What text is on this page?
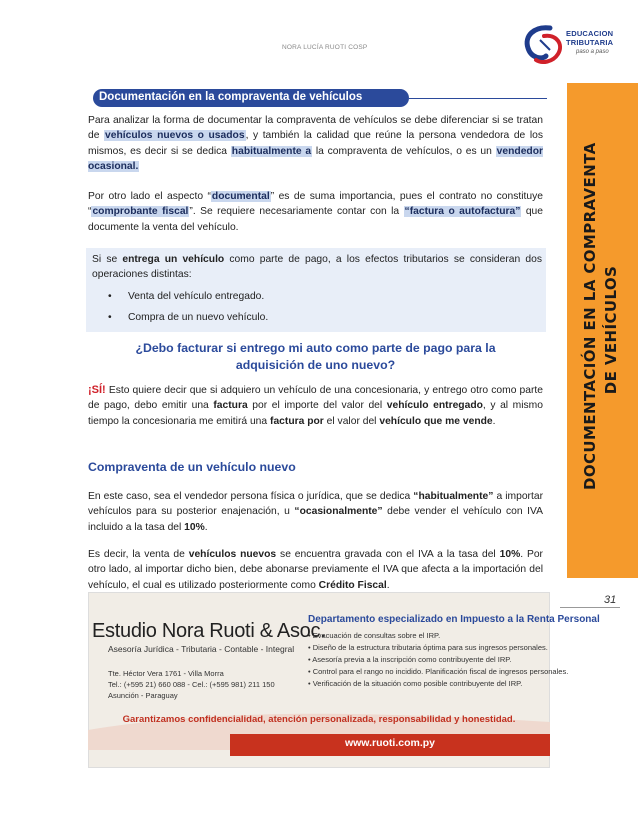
NORA LUCÍA RUOTI COSP
EDUCACION
TRIBUTARIA
paso a paso
Documentación en la compraventa de vehículos
DOCUMENTACIÓN EN LA COMPRAVENTA DE VEHÍCULOS
31
Para analizar la forma de documentar la compraventa de vehículos se debe diferenciar si se tratan de vehículos nuevos o usados, y también la calidad que reúne la persona vendedora de los mismos, es decir si se dedica habitualmente a la compraventa de vehículos, o es un vendedor ocasional.
Por otro lado el aspecto “documental” es de suma importancia, pues el contrato no constituye “comprobante fiscal”. Se requiere necesariamente contar con la “factura o autofactura” que documente la venta del vehículo.
Si se entrega un vehículo como parte de pago, a los efectos tributarios se consideran dos operaciones distintas:
• Venta del vehículo entregado.
• Compra de un nuevo vehículo.
¿Debo facturar si entrego mi auto como parte de pago para la
adquisición de uno nuevo?
¡SÍ! Esto quiere decir que si adquiero un vehículo de una concesionaria, y entrego otro como parte de pago, debo emitir una factura por el importe del valor del vehículo entregado, y al mismo tiempo la concesionaria me emitirá una factura por el valor del vehículo que me vende.
Compraventa de un vehículo nuevo
En este caso, sea el vendedor persona física o jurídica, que se dedica “habitualmente” a importar vehículos para su posterior enajenación, u “ocasionalmente” debe vender el vehículo con IVA incluido a la tasa del 10%.
Es decir, la venta de vehículos nuevos se encuentra gravada con el IVA a la tasa del 10%. Por otro lado, al importar dicho bien, debe abonarse previamente el IVA que afecta a la importación del vehículo, el cual es utilizado posteriormente como Crédito Fiscal.
Estudio Nora Ruoti & Asoc.
Asesoría Jurídica - Tributaria - Contable - Integral
Tte. Héctor Vera 1761 - Villa Morra
Tel.: (+595 21) 660 088 - Cel.: (+595 981) 211 150
Asunción - Paraguay
Departamento especializado en Impuesto a la Renta Personal
• Evacuación de consultas sobre el IRP.
• Diseño de la estructura tributaria óptima para sus ingresos personales.
• Asesoría previa a la inscripción como contribuyente del IRP.
• Control para el rango no incidido. Planificación fiscal de ingresos personales.
• Verificación de la situación como posible contribuyente del IRP.
Garantizamos confidencialidad, atención personalizada, responsabilidad y honestidad.
www.ruoti.com.py
